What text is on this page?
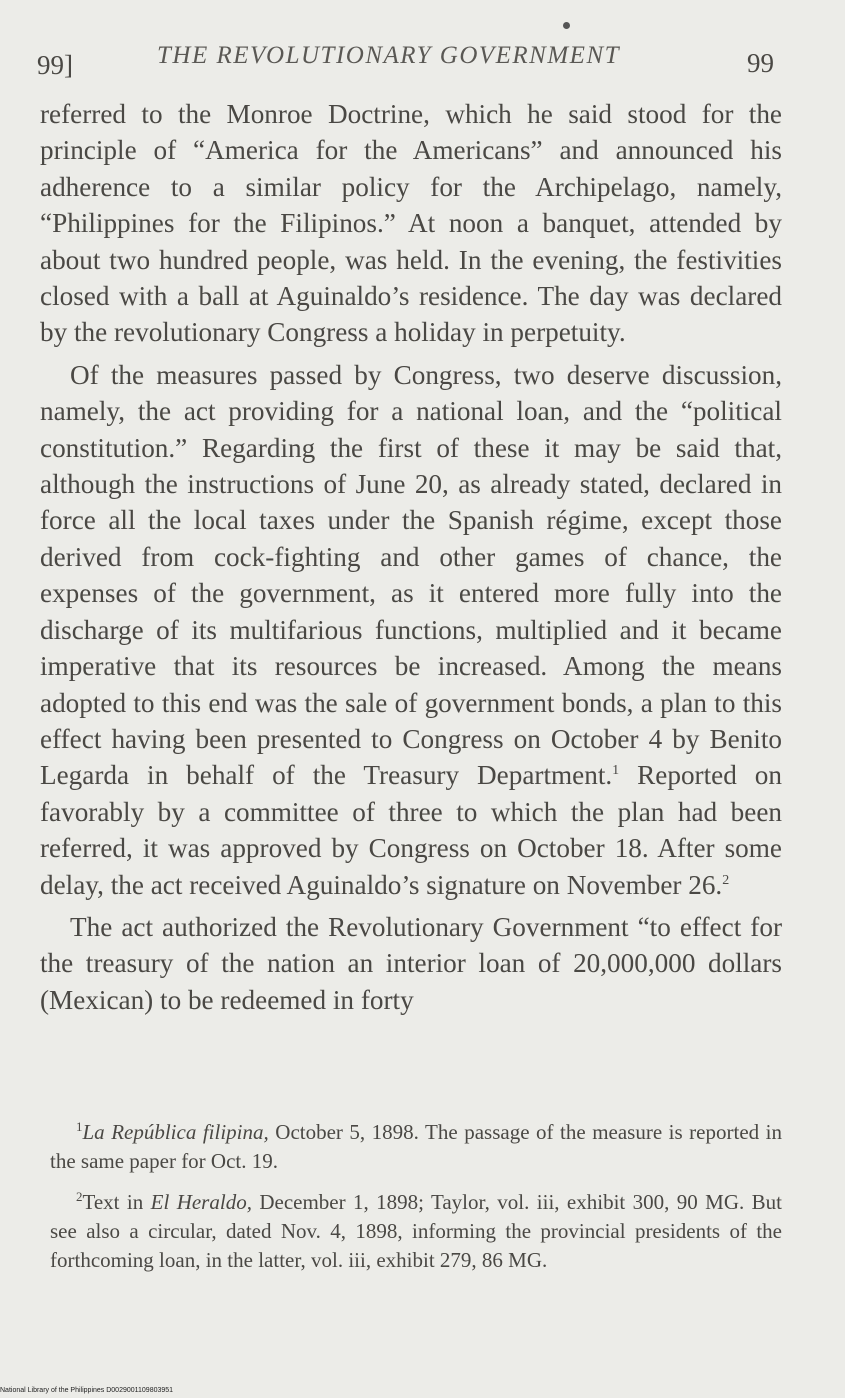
99]	THE REVOLUTIONARY GOVERNMENT	99

referred to the Monroe Doctrine, which he said stood for the principle of “America for the Americans” and announced his adherence to a similar policy for the Archipelago, namely, “Philippines for the Filipinos.” At noon a banquet, attended by about two hundred people, was held. In the evening, the festivities closed with a ball at Aguinaldo’s residence. The day was declared by the revolutionary Congress a holiday in perpetuity.

Of the measures passed by Congress, two deserve discussion, namely, the act providing for a national loan, and the “political constitution.” Regarding the first of these it may be said that, although the instructions of June 20, as already stated, declared in force all the local taxes under the Spanish régime, except those derived from cock-fighting and other games of chance, the expenses of the government, as it entered more fully into the discharge of its multifarious functions, multiplied and it became imperative that its resources be increased. Among the means adopted to this end was the sale of government bonds, a plan to this effect having been presented to Congress on October 4 by Benito Legarda in behalf of the Treasury Department.$^1$ Reported on favorably by a committee of three to which the plan had been referred, it was approved by Congress on October 18. After some delay, the act received Aguinaldo’s signature on November 26.$^2$

The act authorized the Revolutionary Government “to effect for the treasury of the nation an interior loan of 20,000,000 dollars (Mexican) to be redeemed in forty

$^1$La República filipina, October 5, 1898. The passage of the measure is reported in the same paper for Oct. 19.

$^2$Text in El Heraldo, December 1, 1898; Taylor, vol. iii, exhibit 300, 90 MG. But see also a circular, dated Nov. 4, 1898, informing the provincial presidents of the forthcoming loan, in the latter, vol. iii, exhibit 279, 86 MG.

National Library of the Philippines D0029001109803951
